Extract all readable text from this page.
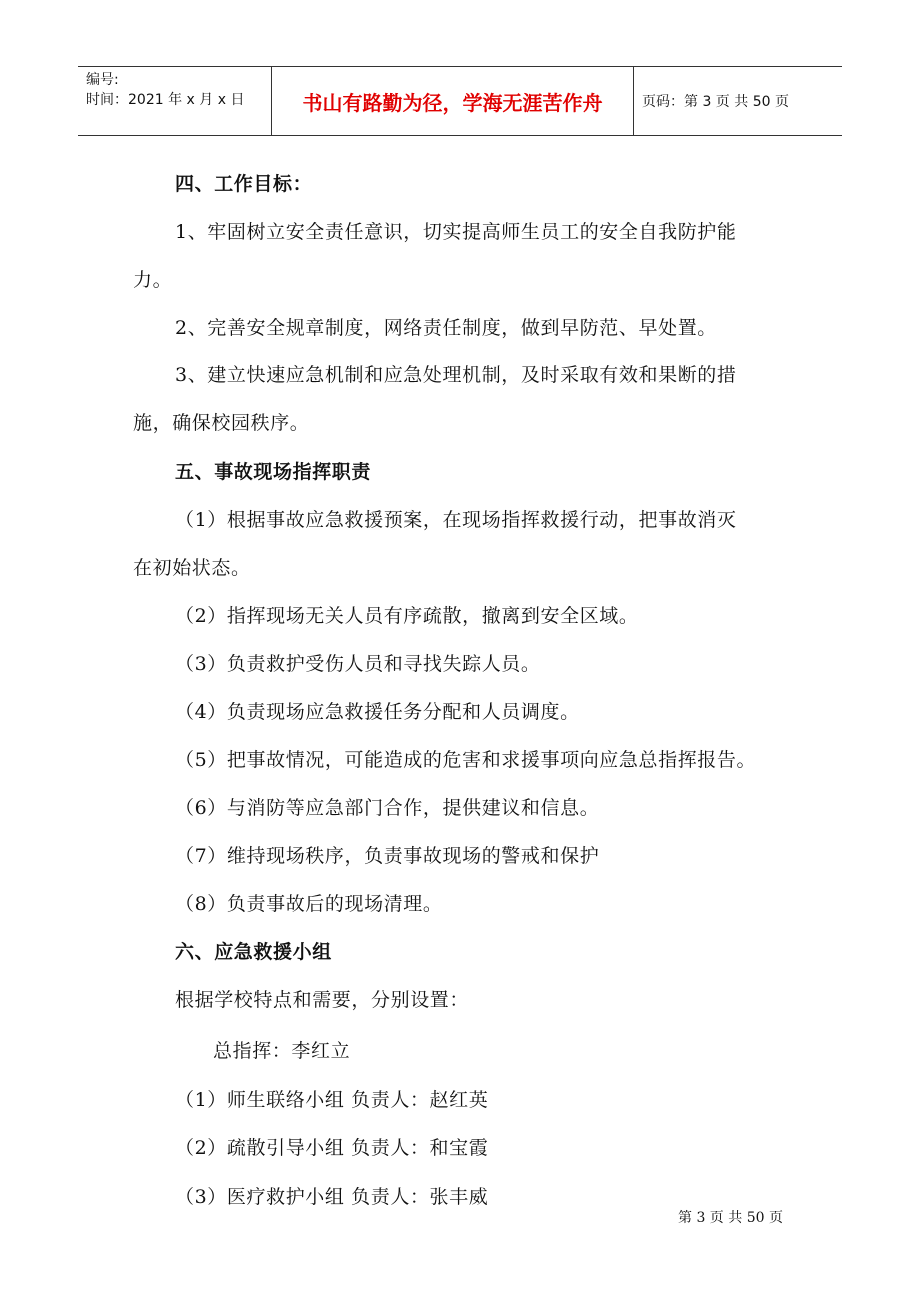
编号:
时间：2021 年 x 月 x 日	书山有路勤为径，学海无涯苦作舟	页码：第 3 页 共 50 页
四、工作目标：
1、牢固树立安全责任意识，切实提高师生员工的安全自我防护能
力。
2、完善安全规章制度，网络责任制度，做到早防范、早处置。
3、建立快速应急机制和应急处理机制，及时采取有效和果断的措
施，确保校园秩序。
五、事故现场指挥职责
（1）根据事故应急救援预案，在现场指挥救援行动，把事故消灭
在初始状态。
（2）指挥现场无关人员有序疏散，撤离到安全区域。
（3）负责救护受伤人员和寻找失踪人员。
（4）负责现场应急救援任务分配和人员调度。
（5）把事故情况，可能造成的危害和求援事项向应急总指挥报告。
（6）与消防等应急部门合作，提供建议和信息。
（7）维持现场秩序，负责事故现场的警戒和保护
（8）负责事故后的现场清理。
六、应急救援小组
根据学校特点和需要，分别设置：
总指挥：李红立
（1）师生联络小组 负责人：赵红英
（2）疏散引导小组 负责人：和宝霞
（3）医疗救护小组 负责人：张丰威
第 3 页 共 50 页
